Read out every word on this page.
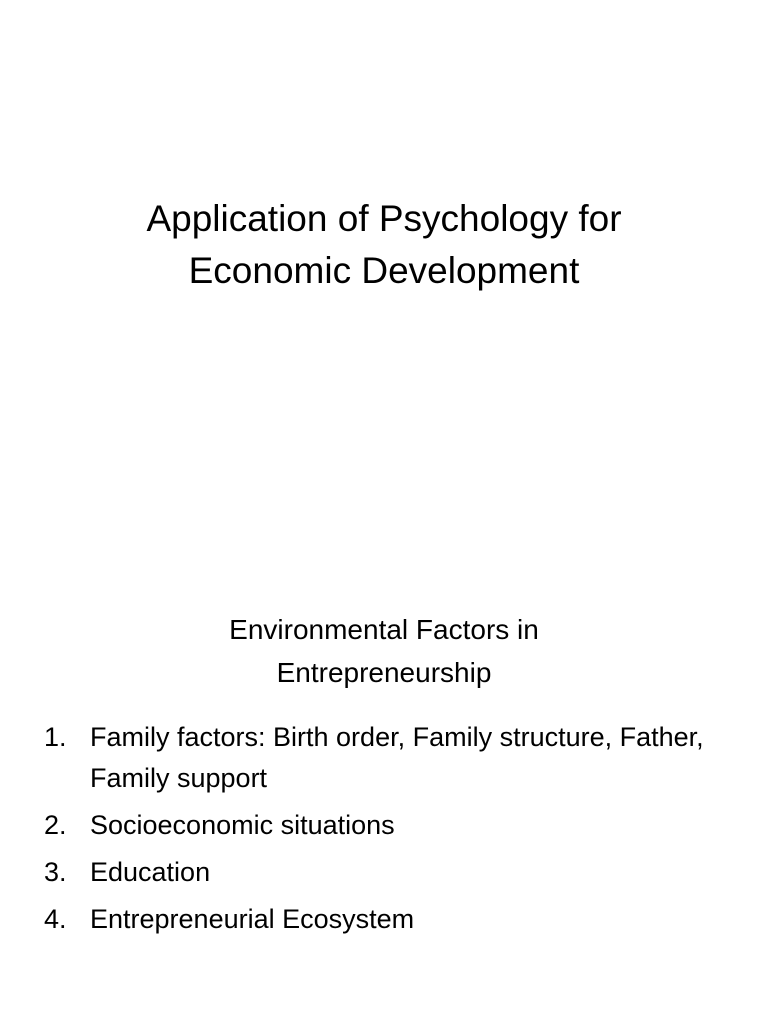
Application of Psychology for
Economic Development
Environmental Factors in
Entrepreneurship
1. Family factors: Birth order, Family structure, Father, Family support
2. Socioeconomic situations
3. Education
4. Entrepreneurial Ecosystem
